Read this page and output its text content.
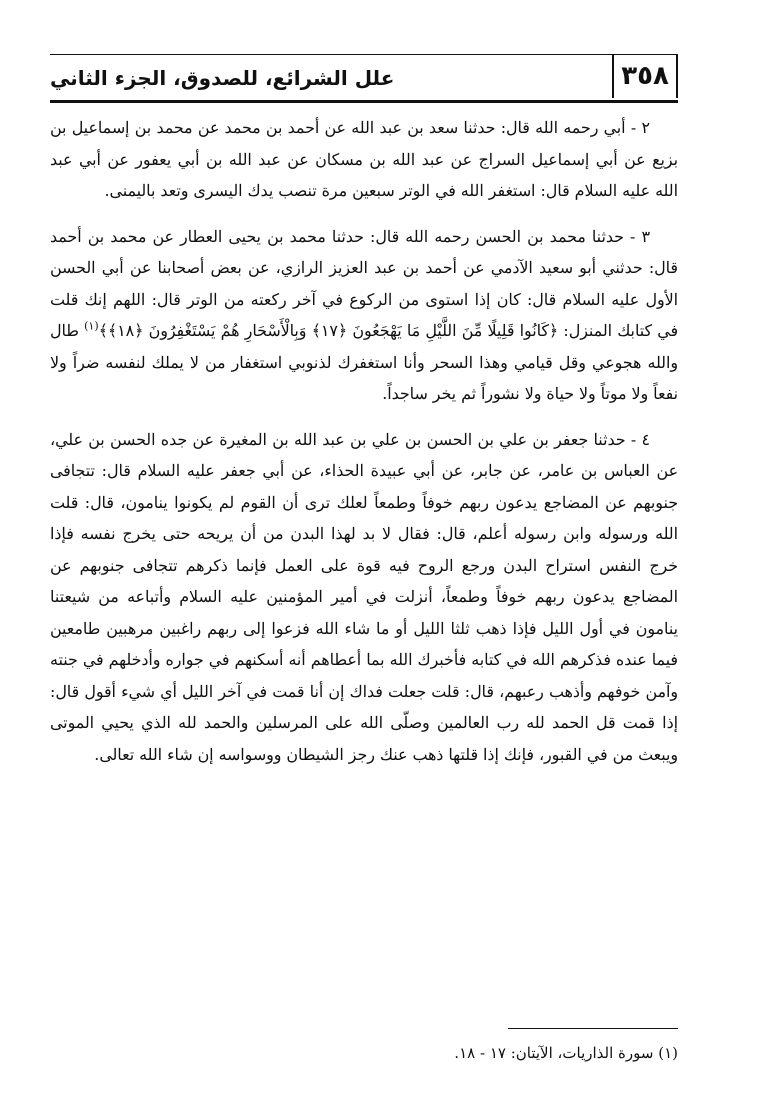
٣٥٨
علل الشرائع، للصدوق، الجزء الثاني

٢ - أبي رحمه الله قال: حدثنا سعد بن عبد الله عن أحمد بن محمد عن محمد بن إسماعيل بن بزيع عن أبي إسماعيل السراج عن عبد الله بن مسكان عن عبد الله بن أبي يعفور عن أبي عبد الله عليه السلام قال: استغفر الله في الوتر سبعين مرة تنصب يدك اليسرى وتعد باليمنى.

٣ - حدثنا محمد بن الحسن رحمه الله قال: حدثنا محمد بن يحيى العطار عن محمد بن أحمد قال: حدثني أبو سعيد الآدمي عن أحمد بن عبد العزيز الرازي، عن بعض أصحابنا عن أبي الحسن الأول عليه السلام قال: كان إذا استوى من الركوع في آخر ركعته من الوتر قال: اللهم إنك قلت في كتابك المنزل: ﴿كَانُوا قَلِيلًا مِّنَ اللَّيْلِ مَا يَهْجَعُونَ ﴿١٧﴾ وَبِالْأَسْحَارِ هُمْ يَسْتَغْفِرُونَ ﴿١٨﴾﴾$^{(١)}$ طال والله هجوعي وقل قيامي وهذا السحر وأنا استغفرك لذنوبي استغفار من لا يملك لنفسه ضراً ولا نفعاً ولا موتاً ولا حياة ولا نشوراً ثم يخر ساجداً.

٤ - حدثنا جعفر بن علي بن الحسن بن علي بن عبد الله بن المغيرة عن جده الحسن بن علي، عن العباس بن عامر، عن جابر، عن أبي عبيدة الحذاء، عن أبي جعفر عليه السلام قال: تتجافى جنوبهم عن المضاجع يدعون ربهم خوفاً وطمعاً لعلك ترى أن القوم لم يكونوا ينامون، قال: قلت الله ورسوله وابن رسوله أعلم، قال: فقال لا بد لهذا البدن من أن يريحه حتى يخرج نفسه فإذا خرج النفس استراح البدن ورجع الروح فيه قوة على العمل فإنما ذكرهم تتجافى جنوبهم عن المضاجع يدعون ربهم خوفاً وطمعاً، أنزلت في أمير المؤمنين عليه السلام وأتباعه من شيعتنا ينامون في أول الليل فإذا ذهب ثلثا الليل أو ما شاء الله فزعوا إلى ربهم راغبين مرهبين طامعين فيما عنده فذكرهم الله في كتابه فأخبرك الله بما أعطاهم أنه أسكنهم في جواره وأدخلهم في جنته وآمن خوفهم وأذهب رعبهم، قال: قلت جعلت فداك إن أنا قمت في آخر الليل أي شيء أقول قال: إذا قمت قل الحمد لله رب العالمين وصلّى الله على المرسلين والحمد لله الذي يحيي الموتى ويبعث من في القبور، فإنك إذا قلتها ذهب عنك رجز الشيطان ووسواسه إن شاء الله تعالى.

(١) سورة الذاريات، الآيتان: ١٧ - ١٨.
